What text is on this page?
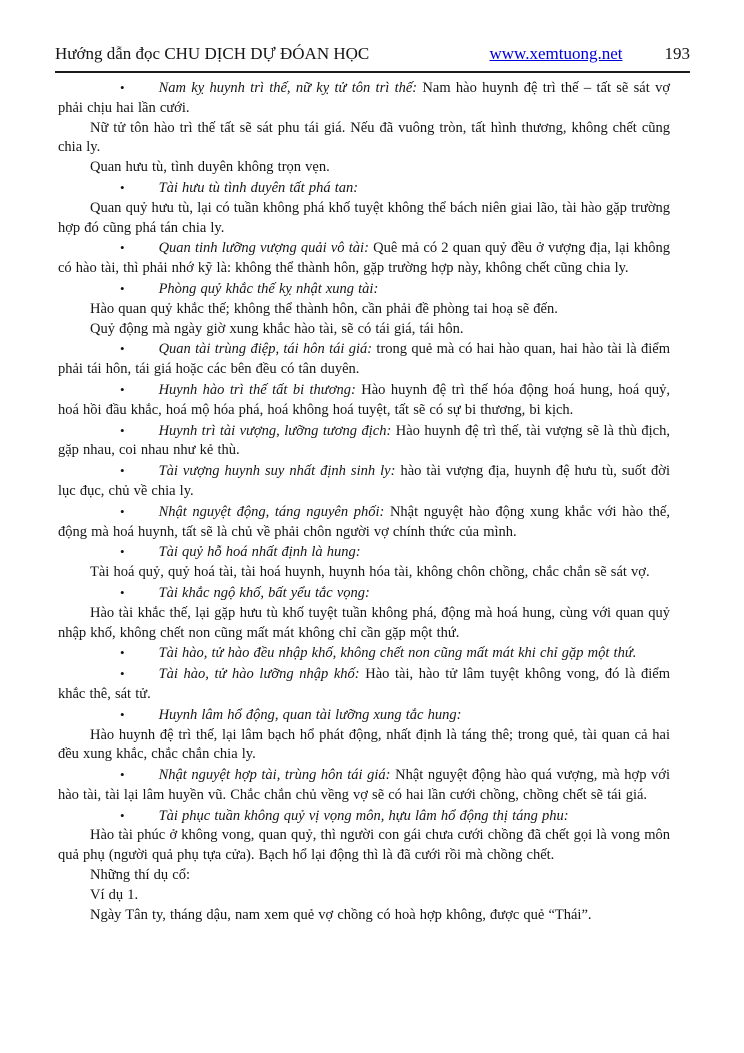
Hướng dẫn đọc CHU DỊCH DỰ ĐÓAN HỌC	www.xemtuong.net 193
• Nam kỵ huynh trì thế, nữ kỵ tử tôn trì thế: Nam hào huynh đệ trì thế – tất sẽ sát vợ phải chịu hai lần cưới.
Nữ tử tôn hào trì thế tất sẽ sát phu tái giá. Nếu đã vuông tròn, tất hình thương, không chết cũng chia ly.
Quan hưu tù, tình duyên không trọn vẹn.
• Tài hưu tù tình duyên tất phá tan:
Quan quỷ hưu tù, lại có tuần không phá khố tuyệt không thể bách niên giai lão, tài hào gặp trường hợp đó cũng phá tán chia ly.
• Quan tinh lưỡng vượng quải vô tài: Quê mả có 2 quan quỷ đều ở vượng địa, lại không có hào tài, thì phải nhớ kỹ là: không thể thành hôn, gặp trường hợp này, không chết cũng chia ly.
• Phòng quỷ khắc thế kỵ nhật xung tài:
Hào quan quỷ khắc thế; không thể thành hôn, cần phải đề phòng tai hoạ sẽ đến.
Quỷ động mà ngày giờ xung khắc hào tài, sẽ có tái giá, tái hôn.
• Quan tài trùng điệp, tái hôn tái giá: trong quẻ mà có hai hào quan, hai hào tài là điểm phải tái hôn, tái giá hoặc các bên đều có tân duyên.
• Huynh hào trì thế tất bi thương: Hào huynh đệ trì thế hóa động hoá hung, hoá quỷ, hoá hồi đầu khắc, hoá mộ hóa phá, hoá không hoá tuyệt, tất sẽ có sự bi thương, bi kịch.
• Huynh trì tài vượng, lưỡng tương địch: Hào huynh đệ trì thế, tài vượng sẽ là thù địch, gặp nhau, coi nhau như kẻ thù.
• Tài vượng huynh suy nhất định sinh ly: hào tài vượng địa, huynh đệ hưu tù, suốt đời lục đục, chủ về chia ly.
• Nhật nguyệt động, táng nguyên phối: Nhật nguyệt hào động xung khắc với hào thế, động mà hoá huynh, tất sẽ là chủ về phải chôn người vợ chính thức của mình.
• Tài quỷ hỗ hoá nhất định là hung:
Tài hoá quỷ, quỷ hoá tài, tài hoá huynh, huynh hóa tài, không chôn chồng, chắc chắn sẽ sát vợ.
• Tài khắc ngộ khố, bất yểu tắc vọng:
Hào tài khắc thế, lại gặp hưu tù khố tuyệt tuần không phá, động mà hoá hung, cùng với quan quỷ nhập khố, không chết non cũng mất mát không chỉ cần gặp một thứ.
• Tài hào, tử hào đều nhập khố, không chết non cũng mất mát khi chỉ gặp một thứ.
• Tài hào, tử hào lưỡng nhập khố: Hào tài, hào tử lâm tuyệt không vong, đó là điểm khắc thê, sát tử.
• Huynh lâm hổ động, quan tài lưỡng xung tắc hung:
Hào huynh đệ trì thế, lại lâm bạch hổ phát động, nhất định là táng thê; trong quẻ, tài quan cả hai đều xung khắc, chắc chắn chia ly.
• Nhật nguyệt hợp tài, trùng hôn tái giá: Nhật nguyệt động hào quá vượng, mà hợp với hào tài, tài lại lâm huyền vũ. Chắc chắn chủ vềng vợ sẽ có hai lần cưới chồng, chồng chết sẽ tái giá.
• Tài phục tuần không quỷ vị vọng môn, hựu lâm hổ động thị táng phu:
Hào tài phúc ở không vong, quan quỷ, thì người con gái chưa cưới chồng đã chết gọi là vong môn quả phụ (người quả phụ tựa cửa). Bạch hổ lại động thì là đã cưới rồi mà chồng chết.
Những thí dụ cổ:
Ví dụ 1.
Ngày Tân ty, tháng dậu, nam xem quẻ vợ chồng có hoà hợp không, được quẻ “Thái”.
